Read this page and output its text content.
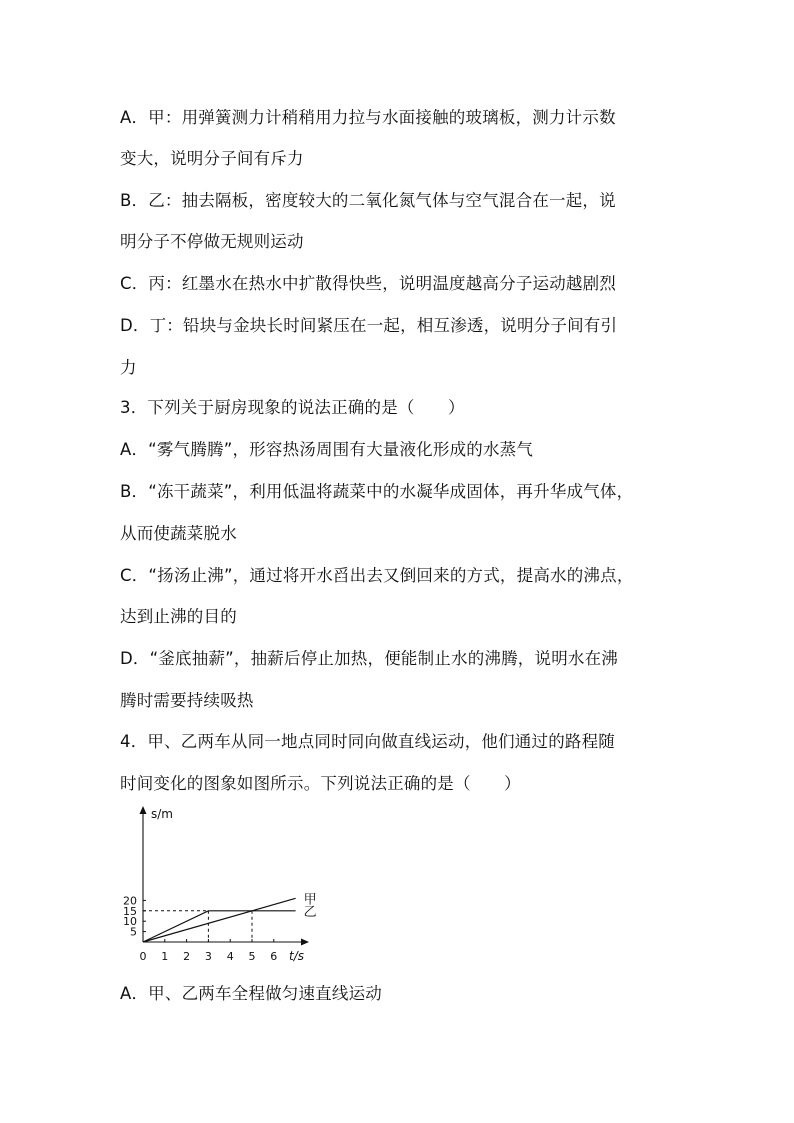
A．甲：用弹簧测力计稍稍用力拉与水面接触的玻璃板，测力计示数
变大，说明分子间有斥力
B．乙：抽去隔板，密度较大的二氧化氮气体与空气混合在一起，说
明分子不停做无规则运动
C．丙：红墨水在热水中扩散得快些，说明温度越高分子运动越剧烈
D．丁：铅块与金块长时间紧压在一起，相互渗透，说明分子间有引
力
3．下列关于厨房现象的说法正确的是（　　）
A．“雾气腾腾”，形容热汤周围有大量液化形成的水蒸气
B．“冻干蔬菜”，利用低温将蔬菜中的水凝华成固体，再升华成气体，
从而使蔬菜脱水
C．“扬汤止沸”，通过将开水舀出去又倒回来的方式，提高水的沸点，
达到止沸的目的
D．“釜底抽薪”，抽薪后停止加热，便能制止水的沸腾，说明水在沸
腾时需要持续吸热
4．甲、乙两车从同一地点同时同向做直线运动，他们通过的路程随
时间变化的图象如图所示。下列说法正确的是（　　）
A．甲、乙两车全程做匀速直线运动
s/m
t/s
0 1 2 3 4 5 6
5
10
15
20	甲
乙
